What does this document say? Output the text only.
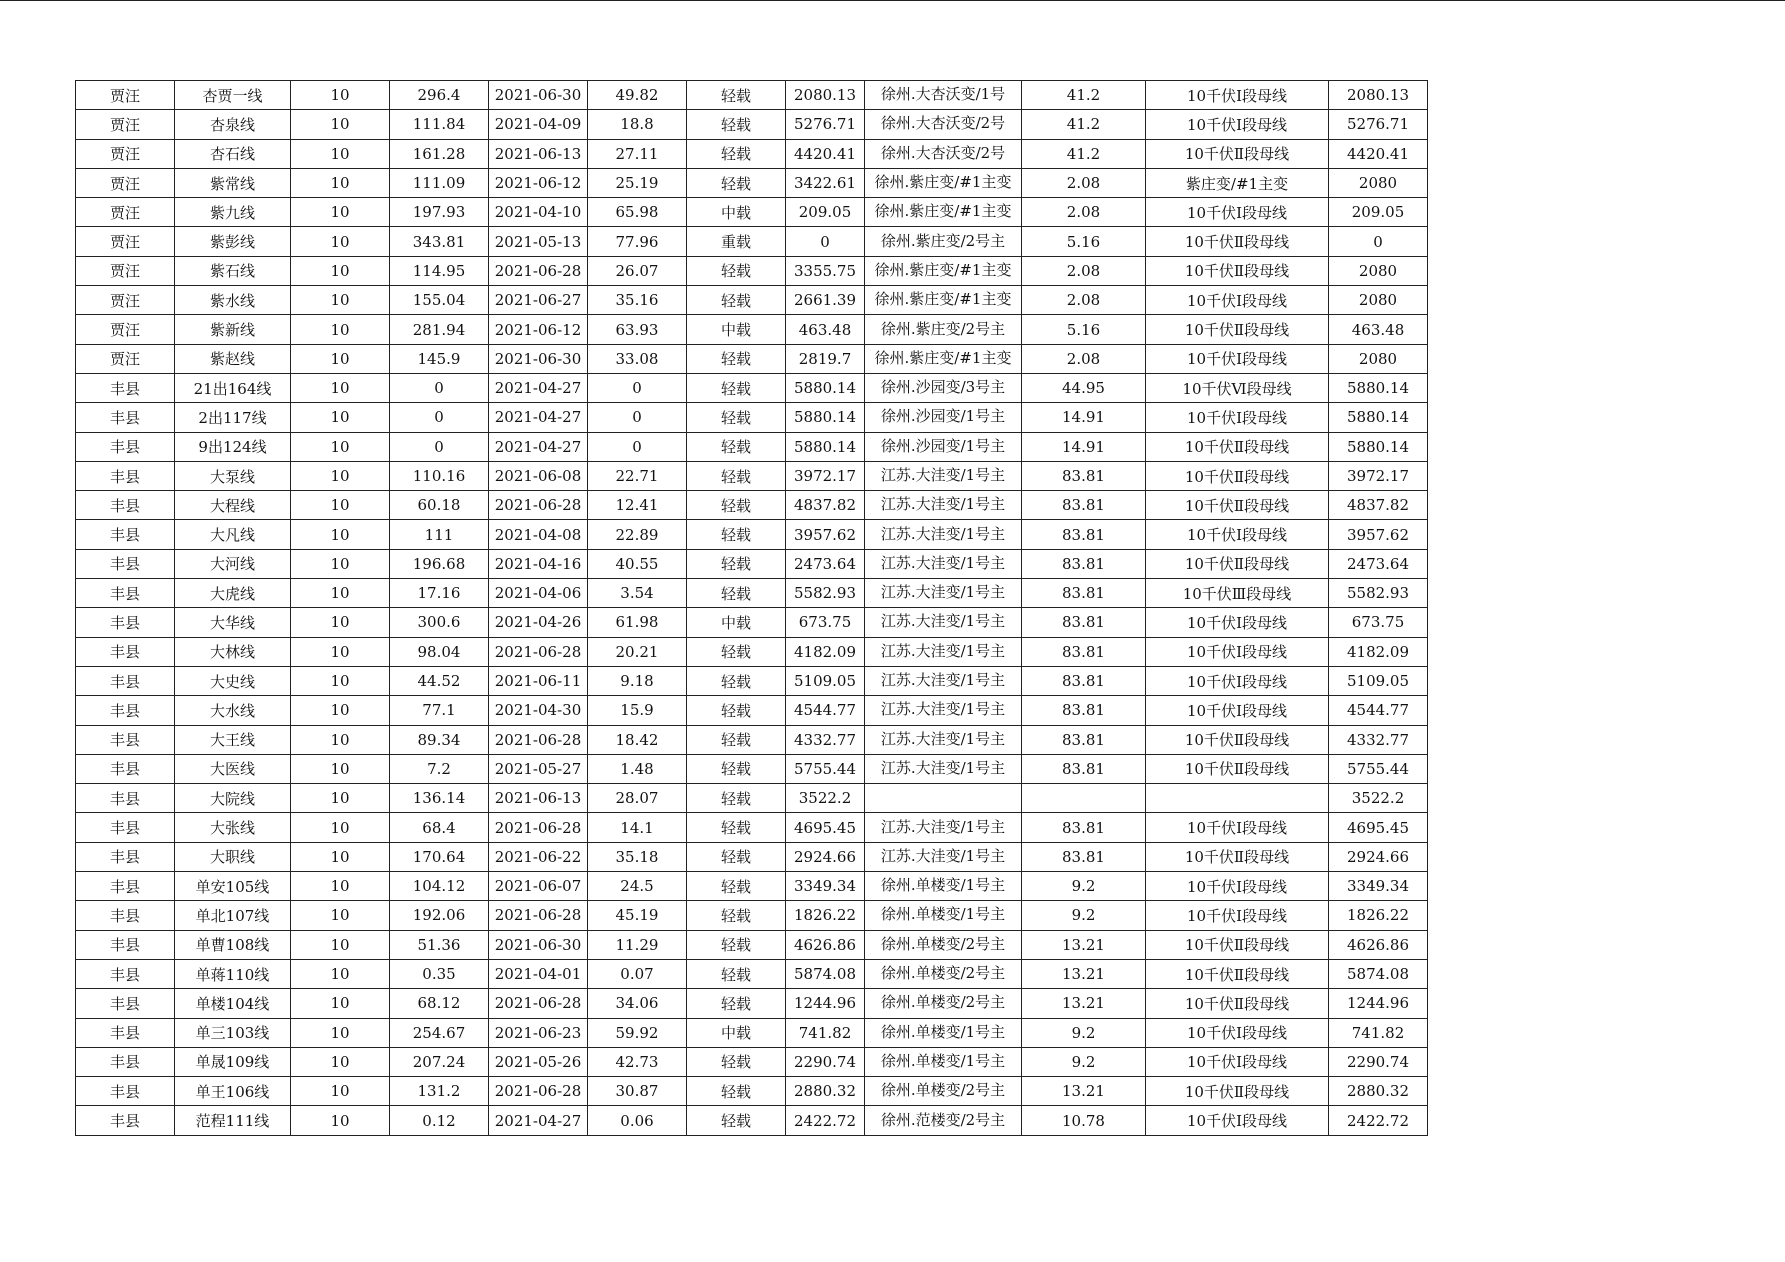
贾汪	杏贾一线	10	296.4	2021-06-30	49.82	轻载	2080.13	徐州.大杏沃变/1号	41.2	10千伏Ⅰ段母线	2080.13
贾汪	杏泉线	10	111.84	2021-04-09	18.8	轻载	5276.71	徐州.大杏沃变/2号	41.2	10千伏Ⅰ段母线	5276.71
贾汪	杏石线	10	161.28	2021-06-13	27.11	轻载	4420.41	徐州.大杏沃变/2号	41.2	10千伏Ⅱ段母线	4420.41
贾汪	紫常线	10	111.09	2021-06-12	25.19	轻载	3422.61	徐州.紫庄变/#1主变	2.08	紫庄变/#1主变	2080
贾汪	紫九线	10	197.93	2021-04-10	65.98	中载	209.05	徐州.紫庄变/#1主变	2.08	10千伏Ⅰ段母线	209.05
贾汪	紫彭线	10	343.81	2021-05-13	77.96	重载	0	徐州.紫庄变/2号主	5.16	10千伏Ⅱ段母线	0
贾汪	紫石线	10	114.95	2021-06-28	26.07	轻载	3355.75	徐州.紫庄变/#1主变	2.08	10千伏Ⅱ段母线	2080
贾汪	紫水线	10	155.04	2021-06-27	35.16	轻载	2661.39	徐州.紫庄变/#1主变	2.08	10千伏Ⅰ段母线	2080
贾汪	紫新线	10	281.94	2021-06-12	63.93	中载	463.48	徐州.紫庄变/2号主	5.16	10千伏Ⅱ段母线	463.48
贾汪	紫赵线	10	145.9	2021-06-30	33.08	轻载	2819.7	徐州.紫庄变/#1主变	2.08	10千伏Ⅰ段母线	2080
丰县	21出164线	10	0	2021-04-27	0	轻载	5880.14	徐州.沙园变/3号主	44.95	10千伏Ⅵ段母线	5880.14
丰县	2出117线	10	0	2021-04-27	0	轻载	5880.14	徐州.沙园变/1号主	14.91	10千伏Ⅰ段母线	5880.14
丰县	9出124线	10	0	2021-04-27	0	轻载	5880.14	徐州.沙园变/1号主	14.91	10千伏Ⅱ段母线	5880.14
丰县	大泵线	10	110.16	2021-06-08	22.71	轻载	3972.17	江苏.大洼变/1号主	83.81	10千伏Ⅱ段母线	3972.17
丰县	大程线	10	60.18	2021-06-28	12.41	轻载	4837.82	江苏.大洼变/1号主	83.81	10千伏Ⅱ段母线	4837.82
丰县	大凡线	10	111	2021-04-08	22.89	轻载	3957.62	江苏.大洼变/1号主	83.81	10千伏Ⅰ段母线	3957.62
丰县	大河线	10	196.68	2021-04-16	40.55	轻载	2473.64	江苏.大洼变/1号主	83.81	10千伏Ⅱ段母线	2473.64
丰县	大虎线	10	17.16	2021-04-06	3.54	轻载	5582.93	江苏.大洼变/1号主	83.81	10千伏Ⅲ段母线	5582.93
丰县	大华线	10	300.6	2021-04-26	61.98	中载	673.75	江苏.大洼变/1号主	83.81	10千伏Ⅰ段母线	673.75
丰县	大林线	10	98.04	2021-06-28	20.21	轻载	4182.09	江苏.大洼变/1号主	83.81	10千伏Ⅰ段母线	4182.09
丰县	大史线	10	44.52	2021-06-11	9.18	轻载	5109.05	江苏.大洼变/1号主	83.81	10千伏Ⅰ段母线	5109.05
丰县	大水线	10	77.1	2021-04-30	15.9	轻载	4544.77	江苏.大洼变/1号主	83.81	10千伏Ⅰ段母线	4544.77
丰县	大王线	10	89.34	2021-06-28	18.42	轻载	4332.77	江苏.大洼变/1号主	83.81	10千伏Ⅱ段母线	4332.77
丰县	大医线	10	7.2	2021-05-27	1.48	轻载	5755.44	江苏.大洼变/1号主	83.81	10千伏Ⅱ段母线	5755.44
丰县	大院线	10	136.14	2021-06-13	28.07	轻载	3522.2				3522.2
丰县	大张线	10	68.4	2021-06-28	14.1	轻载	4695.45	江苏.大洼变/1号主	83.81	10千伏Ⅰ段母线	4695.45
丰县	大职线	10	170.64	2021-06-22	35.18	轻载	2924.66	江苏.大洼变/1号主	83.81	10千伏Ⅱ段母线	2924.66
丰县	单安105线	10	104.12	2021-06-07	24.5	轻载	3349.34	徐州.单楼变/1号主	9.2	10千伏Ⅰ段母线	3349.34
丰县	单北107线	10	192.06	2021-06-28	45.19	轻载	1826.22	徐州.单楼变/1号主	9.2	10千伏Ⅰ段母线	1826.22
丰县	单曹108线	10	51.36	2021-06-30	11.29	轻载	4626.86	徐州.单楼变/2号主	13.21	10千伏Ⅱ段母线	4626.86
丰县	单蒋110线	10	0.35	2021-04-01	0.07	轻载	5874.08	徐州.单楼变/2号主	13.21	10千伏Ⅱ段母线	5874.08
丰县	单楼104线	10	68.12	2021-06-28	34.06	轻载	1244.96	徐州.单楼变/2号主	13.21	10千伏Ⅱ段母线	1244.96
丰县	单三103线	10	254.67	2021-06-23	59.92	中载	741.82	徐州.单楼变/1号主	9.2	10千伏Ⅰ段母线	741.82
丰县	单晟109线	10	207.24	2021-05-26	42.73	轻载	2290.74	徐州.单楼变/1号主	9.2	10千伏Ⅰ段母线	2290.74
丰县	单王106线	10	131.2	2021-06-28	30.87	轻载	2880.32	徐州.单楼变/2号主	13.21	10千伏Ⅱ段母线	2880.32
丰县	范程111线	10	0.12	2021-04-27	0.06	轻载	2422.72	徐州.范楼变/2号主	10.78	10千伏Ⅰ段母线	2422.72
